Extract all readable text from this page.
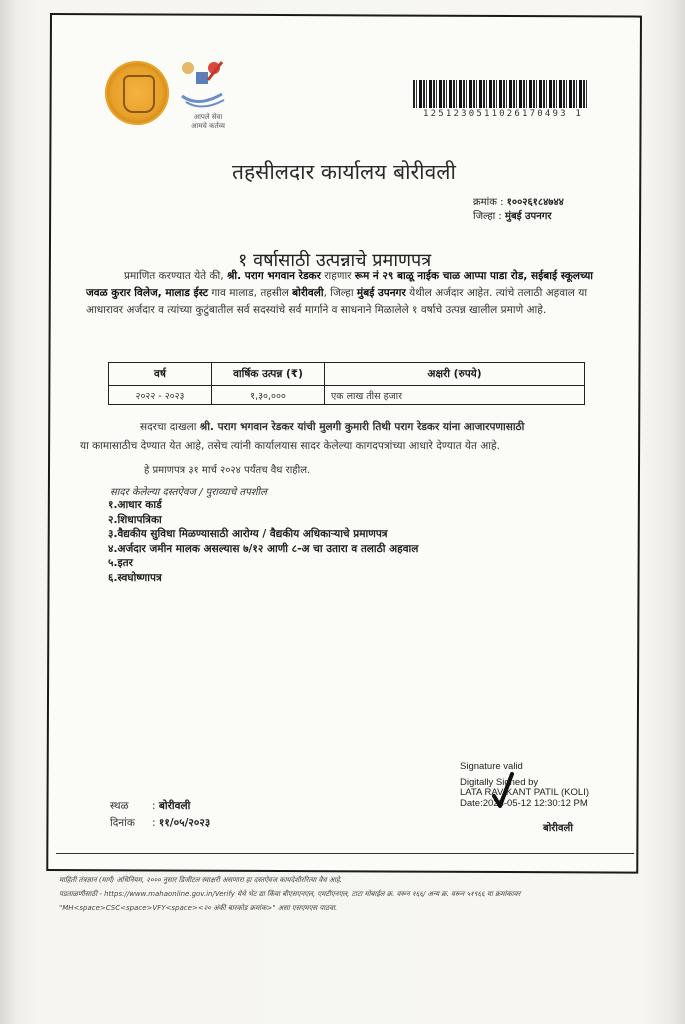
आपले सेवा
आमचे कर्तव्य
1251230511026170493 1
तहसीलदार कार्यालय बोरीवली
क्रमांक : १००२६१८४७४४
जिल्हा : मुंबई उपनगर
१ वर्षासाठी उत्पन्नाचे प्रमाणपत्र
प्रमाणित करण्यात येते की, श्री. पराग भगवान रेडकर राहणार रूम नं २९ बाळू नाईक चाळ आप्पा पाडा रोड, सईबाई स्कूलच्या जवळ कुरार विलेज, मालाड ईस्ट गाव मालाड, तहसील बोरीवली, जिल्हा मुंबई उपनगर येथील अर्जदार आहेत. त्यांचे तलाठी अहवाल या आधारावर अर्जदार व त्यांच्या कुटुंबातील सर्व सदस्यांचे सर्व मार्गाने व साधनाने मिळालेले १ वर्षाचे उत्पन्न खालील प्रमाणे आहे.
वर्ष	वार्षिक उत्पन्न (₹)	अक्षरी (रुपये)
२०२२ - २०२३	१,३०,०००	एक लाख तीस हजार
सदरचा दाखला श्री. पराग भगवान रेडकर यांची मुलगी कुमारी तिथी पराग रेडकर यांना आजारपणासाठी
या कामासाठीच देण्यात येत आहे, तसेच त्यांनी कार्यालयास सादर केलेल्या कागदपत्रांच्या आधारे देण्यात येत आहे.
हे प्रमाणपत्र ३१ मार्च २०२४ पर्यंतच वैध राहील.
सादर केलेल्या दस्तऐवज / पुराव्याचे तपशील
१.आधार कार्ड
२.शिधापत्रिका
३.वैद्यकीय सुविधा मिळण्यासाठी आरोग्य / वैद्यकीय अधिकाऱ्याचे प्रमाणपत्र
४.अर्जदार जमीन मालक असल्यास ७/१२ आणी ८-अ चा उतारा व तलाठी अहवाल
५.इतर
६.स्वघोष्णापत्र
Signature valid
Digitally Signed by
LATA RAVIKANT PATIL (KOLI)
Date:2023-05-12 12:30:12 PM
बोरीवली
स्थळ : बोरीवली
दिनांक : ११/०५/२०२३
माहिती तंत्रज्ञान (मार्ग) अधिनियम, २००० नुसार डिजीटल स्वाक्षरी असणारा हा दस्तऐवज कायदेशीररित्या वैध आहे.
पडताळणीसाठी - https://www.mahaonline.gov.in/Verify येथे भेट द्या किंवा बीएसएनएल, एमटीएनएल, टाटा मोबाईल क्र. वरून १६६/ अन्य क्र. वरून ५१९६६ या क्रमांकावर
"MH<space>CSC<space>VFY<space><२० अंकी बारकोड क्रमांक>" असा एसएमएस पाठवा.
